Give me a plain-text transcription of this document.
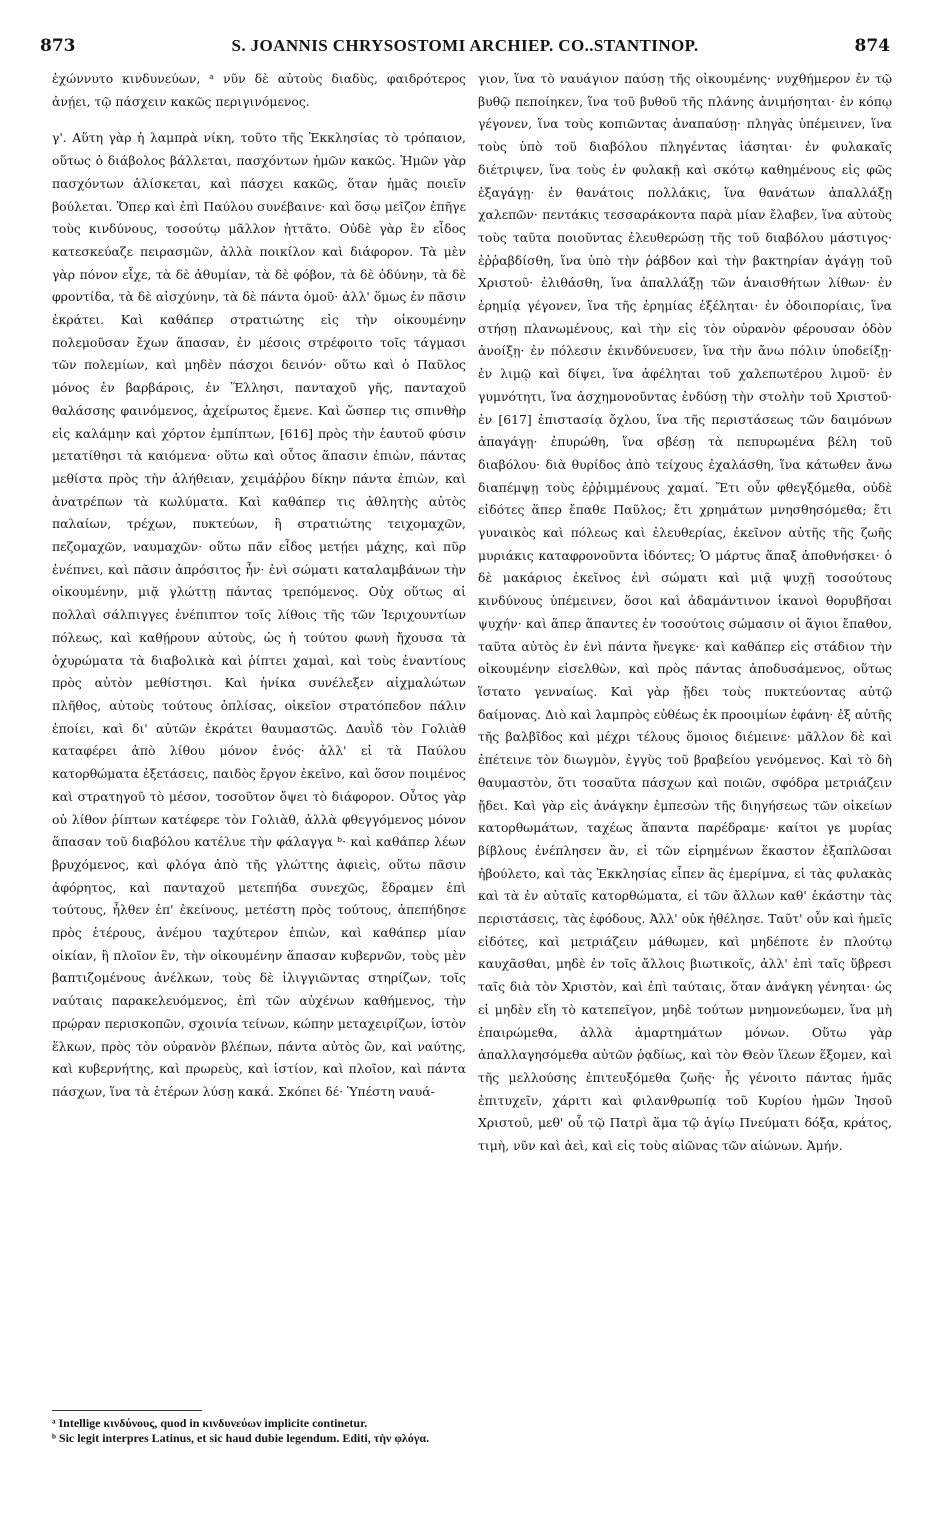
873	S. JOANNIS CHRYSOSTOMI ARCHIEP. CO..STANTINOP.	874

ἐχώννυτο κινδυνεύων, ᵃ νῦν δὲ αὐτοὺς διαδὺς, φαιδρότερος ἀνῄει, τῷ πάσχειν κακῶς περιγινόμενος.

γ'. Αὕτη γὰρ ἡ λαμπρὰ νίκη, τοῦτο τῆς Ἐκκλησίας τὸ τρόπαιον, οὕτως ὁ διάβολος βάλλεται, πασχόντων ἡμῶν κακῶς. Ἡμῶν γὰρ πασχόντων ἁλίσκεται, καὶ πάσχει κακῶς, ὅταν ἡμᾶς ποιεῖν βούλεται. Ὅπερ καὶ ἐπὶ Παύλου συνέβαινε· καὶ ὅσῳ μεῖζον ἐπῆγε τοὺς κινδύνους, τοσούτῳ μᾶλλον ἡττᾶτο. Οὐδὲ γὰρ ἓν εἶδος κατεσκεύαζε πειρασμῶν, ἀλλὰ ποικίλον καὶ διάφορον. Τὰ μὲν γὰρ πόνον εἶχε, τὰ δὲ ἀθυμίαν, τὰ δὲ φόβον, τὰ δὲ ὀδύνην, τὰ δὲ φροντίδα, τὰ δὲ αἰσχύνην, τὰ δὲ πάντα ὁμοῦ· ἀλλ' ὅμως ἐν πᾶσιν ἐκράτει. Καὶ καθάπερ στρατιώτης εἰς τὴν οἰκουμένην πολεμοῦσαν ἔχων ἅπασαν, ἐν μέσοις στρέφοιτο τοῖς τάγμασι τῶν πολεμίων, καὶ μηδὲν πάσχοι δεινόν· οὕτω καὶ ὁ Παῦλος μόνος ἐν βαρβάροις, ἐν Ἕλλησι, πανταχοῦ γῆς, πανταχοῦ θαλάσσης φαινόμενος, ἀχείρωτος ἔμενε. Καὶ ὥσπερ τις σπινθὴρ εἰς καλάμην καὶ χόρτον ἐμπίπτων, [616] πρὸς τὴν ἑαυτοῦ φύσιν μετατίθησι τὰ καιόμενα· οὕτω καὶ οὗτος ἅπασιν ἐπιὼν, πάντας μεθίστα πρὸς τὴν ἀλήθειαν, χειμάῤῥου δίκην πάντα ἐπιὼν, καὶ ἀνατρέπων τὰ κωλύματα. Καὶ καθάπερ τις ἀθλητὴς αὐτὸς παλαίων, τρέχων, πυκτεύων, ἢ στρατιώτης τειχομαχῶν, πεζομαχῶν, ναυμαχῶν· οὕτω πᾶν εἶδος μετῄει μάχης, καὶ πῦρ ἐνέπνει, καὶ πᾶσιν ἀπρόσιτος ἦν· ἐνὶ σώματι καταλαμβάνων τὴν οἰκουμένην, μιᾷ γλώττῃ πάντας τρεπόμενος. Οὐχ οὕτως αἱ πολλαὶ σάλπιγγες ἐνέπιπτον τοῖς λίθοις τῆς τῶν Ἱεριχουντίων πόλεως, καὶ καθῄρουν αὐτοὺς, ὡς ἡ τούτου φωνὴ ἤχουσα τὰ ὀχυρώματα τὰ διαβολικὰ καὶ ῥίπτει χαμαὶ, καὶ τοὺς ἐναντίους πρὸς αὐτὸν μεθίστησι. Καὶ ἡνίκα συνέλεξεν αἰχμαλώτων πλῆθος, αὐτοὺς τούτους ὁπλίσας, οἰκεῖον στρατόπεδον πάλιν ἐποίει, καὶ δι' αὐτῶν ἐκράτει θαυμαστῶς. Δαυῒδ τὸν Γολιὰθ καταφέρει ἀπὸ λίθου μόνον ἑνός· ἀλλ' εἰ τὰ Παύλου κατορθώματα ἐξετάσεις, παιδὸς ἔργον ἐκεῖνο, καὶ ὅσον ποιμένος καὶ στρατηγοῦ τὸ μέσον, τοσοῦτον ὄψει τὸ διάφορον. Οὗτος γὰρ οὐ λίθον ῥίπτων κατέφερε τὸν Γολιὰθ, ἀλλὰ φθεγγόμενος μόνον ἅπασαν τοῦ διαβόλου κατέλυε τὴν φάλαγγα ᵇ· καὶ καθάπερ λέων βρυχόμενος, καὶ φλόγα ἀπὸ τῆς γλώττης ἀφιεὶς, οὕτω πᾶσιν ἀφόρητος, καὶ πανταχοῦ μετεπήδα συνεχῶς, ἔδραμεν ἐπὶ τούτους, ἦλθεν ἐπ' ἐκείνους, μετέστη πρὸς τούτους, ἀπεπήδησε πρὸς ἑτέρους, ἀνέμου ταχύτερον ἐπιὼν, καὶ καθάπερ μίαν οἰκίαν, ἢ πλοῖον ἓν, τὴν οἰκουμένην ἅπασαν κυβερνῶν, τοὺς μὲν βαπτιζομένους ἀνέλκων, τοὺς δὲ ἰλιγγιῶντας στηρίζων, τοῖς ναύταις παρακελευόμενος, ἐπὶ τῶν αὐχένων καθήμενος, τὴν πρῴραν περισκοπῶν, σχοινία τείνων, κώπην μεταχειρίζων, ἱστὸν ἕλκων, πρὸς τὸν οὐρανὸν βλέπων, πάντα αὐτὸς ὢν, καὶ ναύτης, καὶ κυβερνήτης, καὶ πρωρεὺς, καὶ ἱστίον, καὶ πλοῖον, καὶ πάντα πάσχων, ἵνα τὰ ἑτέρων λύσῃ κακά. Σκόπει δέ· Ὑπέστη ναυά-

γιον, ἵνα τὸ ναυάγιον παύσῃ τῆς οἰκουμένης· νυχθήμερον ἐν τῷ βυθῷ πεποίηκεν, ἵνα τοῦ βυθοῦ τῆς πλάνης ἀνιμήσηται· ἐν κόπῳ γέγονεν, ἵνα τοὺς κοπιῶντας ἀναπαύσῃ· πληγὰς ὑπέμεινεν, ἵνα τοὺς ὑπὸ τοῦ διαβόλου πληγέντας ἰάσηται· ἐν φυλακαῖς διέτριψεν, ἵνα τοὺς ἐν φυλακῇ καὶ σκότῳ καθημένους εἰς φῶς ἐξαγάγῃ· ἐν θανάτοις πολλάκις, ἵνα θανάτων ἀπαλλάξῃ χαλεπῶν· πεντάκις τεσσαράκοντα παρὰ μίαν ἔλαβεν, ἵνα αὐτοὺς τοὺς ταῦτα ποιοῦντας ἐλευθερώσῃ τῆς τοῦ διαβόλου μάστιγος· ἐῤῥαβδίσθη, ἵνα ὑπὸ τὴν ῥάβδον καὶ τὴν βακτηρίαν ἀγάγῃ τοῦ Χριστοῦ· ἐλιθάσθη, ἵνα ἀπαλλάξῃ τῶν ἀναισθήτων λίθων· ἐν ἐρημίᾳ γέγονεν, ἵνα τῆς ἐρημίας ἐξέληται· ἐν ὁδοιπορίαις, ἵνα στήσῃ πλανωμένους, καὶ τὴν εἰς τὸν οὐρανὸν φέρουσαν ὁδὸν ἀνοίξῃ· ἐν πόλεσιν ἐκινδύνευσεν, ἵνα τὴν ἄνω πόλιν ὑποδείξῃ· ἐν λιμῷ καὶ δίψει, ἵνα ἀφέληται τοῦ χαλεπωτέρου λιμοῦ· ἐν γυμνότητι, ἵνα ἀσχημονοῦντας ἐνδύσῃ τὴν στολὴν τοῦ Χριστοῦ· ἐν [617] ἐπιστασίᾳ ὄχλου, ἵνα τῆς περιστάσεως τῶν δαιμόνων ἀπαγάγῃ· ἐπυρώθη, ἵνα σβέσῃ τὰ πεπυρωμένα βέλη τοῦ διαβόλου· διὰ θυρίδος ἀπὸ τείχους ἐχαλάσθη, ἵνα κάτωθεν ἄνω διαπέμψῃ τοὺς ἐῤῥιμμένους χαμαί. Ἔτι οὖν φθεγξόμεθα, οὐδὲ εἰδότες ἅπερ ἔπαθε Παῦλος; ἔτι χρημάτων μνησθησόμεθα; ἔτι γυναικὸς καὶ πόλεως καὶ ἐλευθερίας, ἐκεῖνον αὐτῆς τῆς ζωῆς μυριάκις καταφρονοῦντα ἰδόντες; Ὁ μάρτυς ἅπαξ ἀποθνήσκει· ὁ δὲ μακάριος ἐκεῖνος ἐνὶ σώματι καὶ μιᾷ ψυχῇ τοσούτους κινδύνους ὑπέμεινεν, ὅσοι καὶ ἀδαμάντινον ἱκανοὶ θορυβῆσαι ψυχήν· καὶ ἅπερ ἅπαντες ἐν τοσούτοις σώμασιν οἱ ἅγιοι ἔπαθον, ταῦτα αὐτὸς ἐν ἑνὶ πάντα ἤνεγκε· καὶ καθάπερ εἰς στάδιον τὴν οἰκουμένην εἰσελθὼν, καὶ πρὸς πάντας ἀποδυσάμενος, οὕτως ἵστατο γενναίως. Καὶ γὰρ ᾔδει τοὺς πυκτεύοντας αὐτῷ δαίμονας. Διὸ καὶ λαμπρὸς εὐθέως ἐκ προοιμίων ἐφάνη· ἐξ αὐτῆς τῆς βαλβῖδος καὶ μέχρι τέλους ὅμοιος διέμεινε· μᾶλλον δὲ καὶ ἐπέτεινε τὸν διωγμὸν, ἐγγὺς τοῦ βραβείου γενόμενος. Καὶ τὸ δὴ θαυμαστὸν, ὅτι τοσαῦτα πάσχων καὶ ποιῶν, σφόδρα μετριάζειν ᾔδει. Καὶ γὰρ εἰς ἀνάγκην ἐμπεσὼν τῆς διηγήσεως τῶν οἰκείων κατορθωμάτων, ταχέως ἅπαντα παρέδραμε· καίτοι γε μυρίας βίβλους ἐνέπλησεν ἂν, εἰ τῶν εἰρημένων ἕκαστον ἐξαπλῶσαι ἠβούλετο, καὶ τὰς Ἐκκλησίας εἶπεν ἃς ἐμερίμνα, εἰ τὰς φυλακὰς καὶ τὰ ἐν αὐταῖς κατορθώματα, εἰ τῶν ἄλλων καθ' ἑκάστην τὰς περιστάσεις, τὰς ἐφόδους. Ἀλλ' οὐκ ἠθέλησε. Ταῦτ' οὖν καὶ ἡμεῖς εἰδότες, καὶ μετριάζειν μάθωμεν, καὶ μηδέποτε ἐν πλούτῳ καυχᾶσθαι, μηδὲ ἐν τοῖς ἄλλοις βιωτικοῖς, ἀλλ' ἐπὶ ταῖς ὕβρεσι ταῖς διὰ τὸν Χριστὸν, καὶ ἐπὶ ταύταις, ὅταν ἀνάγκη γένηται· ὡς εἰ μηδὲν εἴη τὸ κατεπεῖγον, μηδὲ τούτων μνημονεύωμεν, ἵνα μὴ ἐπαιρώμεθα, ἀλλὰ ἁμαρτημάτων μόνων. Οὕτω γὰρ ἀπαλλαγησόμεθα αὐτῶν ῥᾳδίως, καὶ τὸν Θεὸν ἵλεων ἕξομεν, καὶ τῆς μελλούσης ἐπιτευξόμεθα ζωῆς· ἧς γένοιτο πάντας ἡμᾶς ἐπιτυχεῖν, χάριτι καὶ φιλανθρωπίᾳ τοῦ Κυρίου ἡμῶν Ἰησοῦ Χριστοῦ, μεθ' οὗ τῷ Πατρὶ ἅμα τῷ ἁγίῳ Πνεύματι δόξα, κράτος, τιμὴ, νῦν καὶ ἀεὶ, καὶ εἰς τοὺς αἰῶνας τῶν αἰώνων. Ἀμήν.

ᵃ Intellige κινδύνους, quod in κινδυνεύων implicite continetur.

ᵇ Sic legit interpres Latinus, et sic haud dubie legendum. Editi, τὴν φλόγα.
